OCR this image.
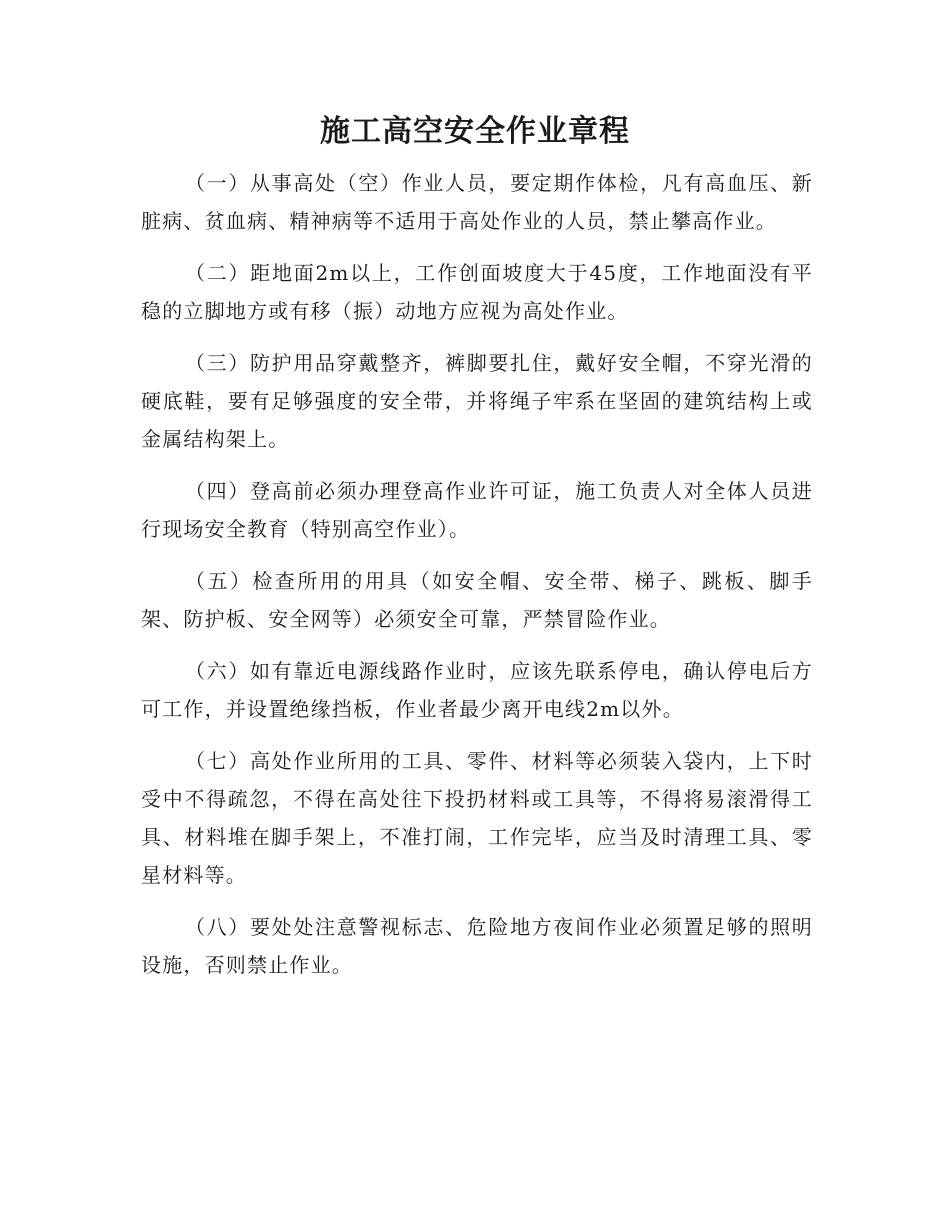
施工高空安全作业章程

（一）从事高处（空）作业人员，要定期作体检，凡有高血压、新脏病、贫血病、精神病等不适用于高处作业的人员，禁止攀高作业。

（二）距地面2m以上，工作创面坡度大于45度，工作地面没有平稳的立脚地方或有移（振）动地方应视为高处作业。

（三）防护用品穿戴整齐，裤脚要扎住，戴好安全帽，不穿光滑的硬底鞋，要有足够强度的安全带，并将绳子牢系在坚固的建筑结构上或金属结构架上。

（四）登高前必须办理登高作业许可证，施工负责人对全体人员进行现场安全教育（特别高空作业）。

（五）检查所用的用具（如安全帽、安全带、梯子、跳板、脚手架、防护板、安全网等）必须安全可靠，严禁冒险作业。

（六）如有靠近电源线路作业时，应该先联系停电，确认停电后方可工作，并设置绝缘挡板，作业者最少离开电线2m以外。

（七）高处作业所用的工具、零件、材料等必须装入袋内，上下时受中不得疏忽，不得在高处往下投扔材料或工具等，不得将易滚滑得工具、材料堆在脚手架上，不准打闹，工作完毕，应当及时清理工具、零星材料等。

（八）要处处注意警视标志、危险地方夜间作业必须置足够的照明设施，否则禁止作业。
